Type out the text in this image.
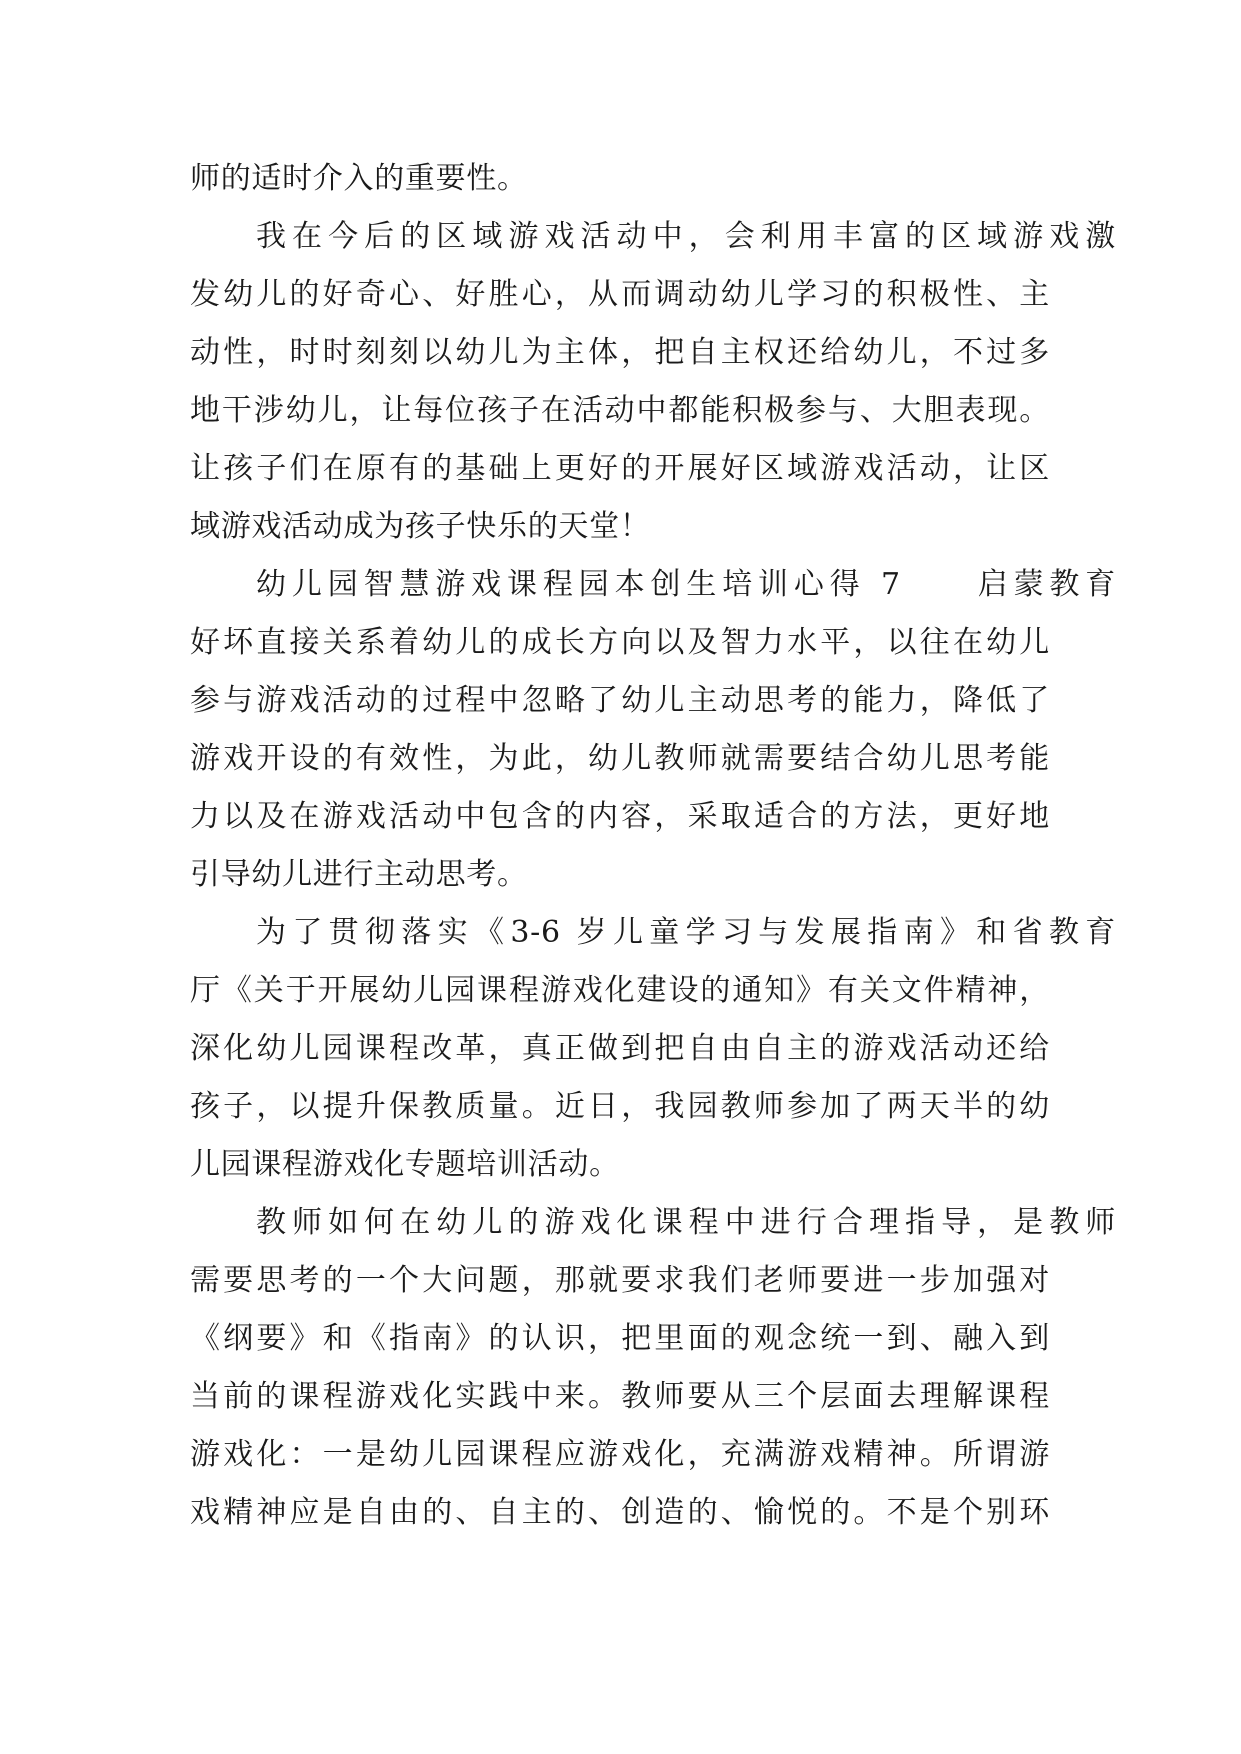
师的适时介入的重要性。
我在今后的区域游戏活动中，会利用丰富的区域游戏激
发幼儿的好奇心、好胜心，从而调动幼儿学习的积极性、主
动性，时时刻刻以幼儿为主体，把自主权还给幼儿，不过多
地干涉幼儿，让每位孩子在活动中都能积极参与、大胆表现。
让孩子们在原有的基础上更好的开展好区域游戏活动，让区
域游戏活动成为孩子快乐的天堂！
幼儿园智慧游戏课程园本创生培训心得 7　　启蒙教育
好坏直接关系着幼儿的成长方向以及智力水平，以往在幼儿
参与游戏活动的过程中忽略了幼儿主动思考的能力，降低了
游戏开设的有效性，为此，幼儿教师就需要结合幼儿思考能
力以及在游戏活动中包含的内容，采取适合的方法，更好地
引导幼儿进行主动思考。
为了贯彻落实《3-6 岁儿童学习与发展指南》和省教育
厅《关于开展幼儿园课程游戏化建设的通知》有关文件精神，
深化幼儿园课程改革，真正做到把自由自主的游戏活动还给
孩子，以提升保教质量。近日，我园教师参加了两天半的幼
儿园课程游戏化专题培训活动。
教师如何在幼儿的游戏化课程中进行合理指导，是教师
需要思考的一个大问题，那就要求我们老师要进一步加强对
《纲要》和《指南》的认识，把里面的观念统一到、融入到
当前的课程游戏化实践中来。教师要从三个层面去理解课程
游戏化：一是幼儿园课程应游戏化，充满游戏精神。所谓游
戏精神应是自由的、自主的、创造的、愉悦的。不是个别环
